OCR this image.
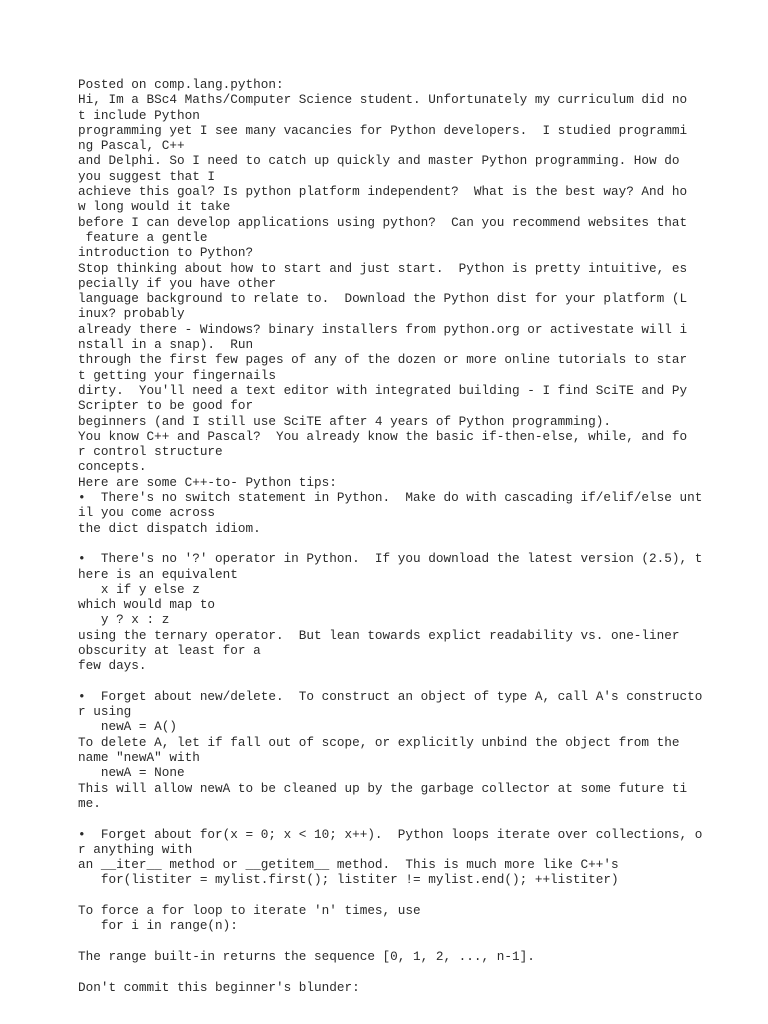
Posted on comp.lang.python:
Hi, Im a BSc4 Maths/Computer Science student. Unfortunately my curriculum did no
t include Python
programming yet I see many vacancies for Python developers.  I studied programmi
ng Pascal, C++
and Delphi. So I need to catch up quickly and master Python programming. How do
you suggest that I
achieve this goal? Is python platform independent?  What is the best way? And ho
w long would it take
before I can develop applications using python?  Can you recommend websites that
feature a gentle
introduction to Python?
Stop thinking about how to start and just start.  Python is pretty intuitive, es
pecially if you have other
language background to relate to.  Download the Python dist for your platform (L
inux? probably
already there - Windows? binary installers from python.org or activestate will i
nstall in a snap).  Run
through the first few pages of any of the dozen or more online tutorials to star
t getting your fingernails
dirty.  You'll need a text editor with integrated building - I find SciTE and Py
Scripter to be good for
beginners (and I still use SciTE after 4 years of Python programming).
You know C++ and Pascal?  You already know the basic if-then-else, while, and fo
r control structure
concepts.
Here are some C++-to- Python tips:
•  There's no switch statement in Python.  Make do with cascading if/elif/else unt
il you come across
the dict dispatch idiom.
•  There's no '?' operator in Python.  If you download the latest version (2.5), t
here is an equivalent
x if y else z
which would map to
y ? x : z
using the ternary operator.  But lean towards explict readability vs. one-liner
obscurity at least for a
few days.
•  Forget about new/delete.  To construct an object of type A, call A's constructo
r using
newA = A()
To delete A, let if fall out of scope, or explicitly unbind the object from the
name "newA" with
newA = None
This will allow newA to be cleaned up by the garbage collector at some future ti
me.
•  Forget about for(x = 0; x < 10; x++).  Python loops iterate over collections, o
r anything with
an __iter__ method or __getitem__ method.  This is much more like C++'s
for(listiter = mylist.first(); listiter != mylist.end(); ++listiter)
To force a for loop to iterate 'n' times, use
for i in range(n):
The range built-in returns the sequence [0, 1, 2, ..., n-1].
Don't commit this beginner's blunder:
